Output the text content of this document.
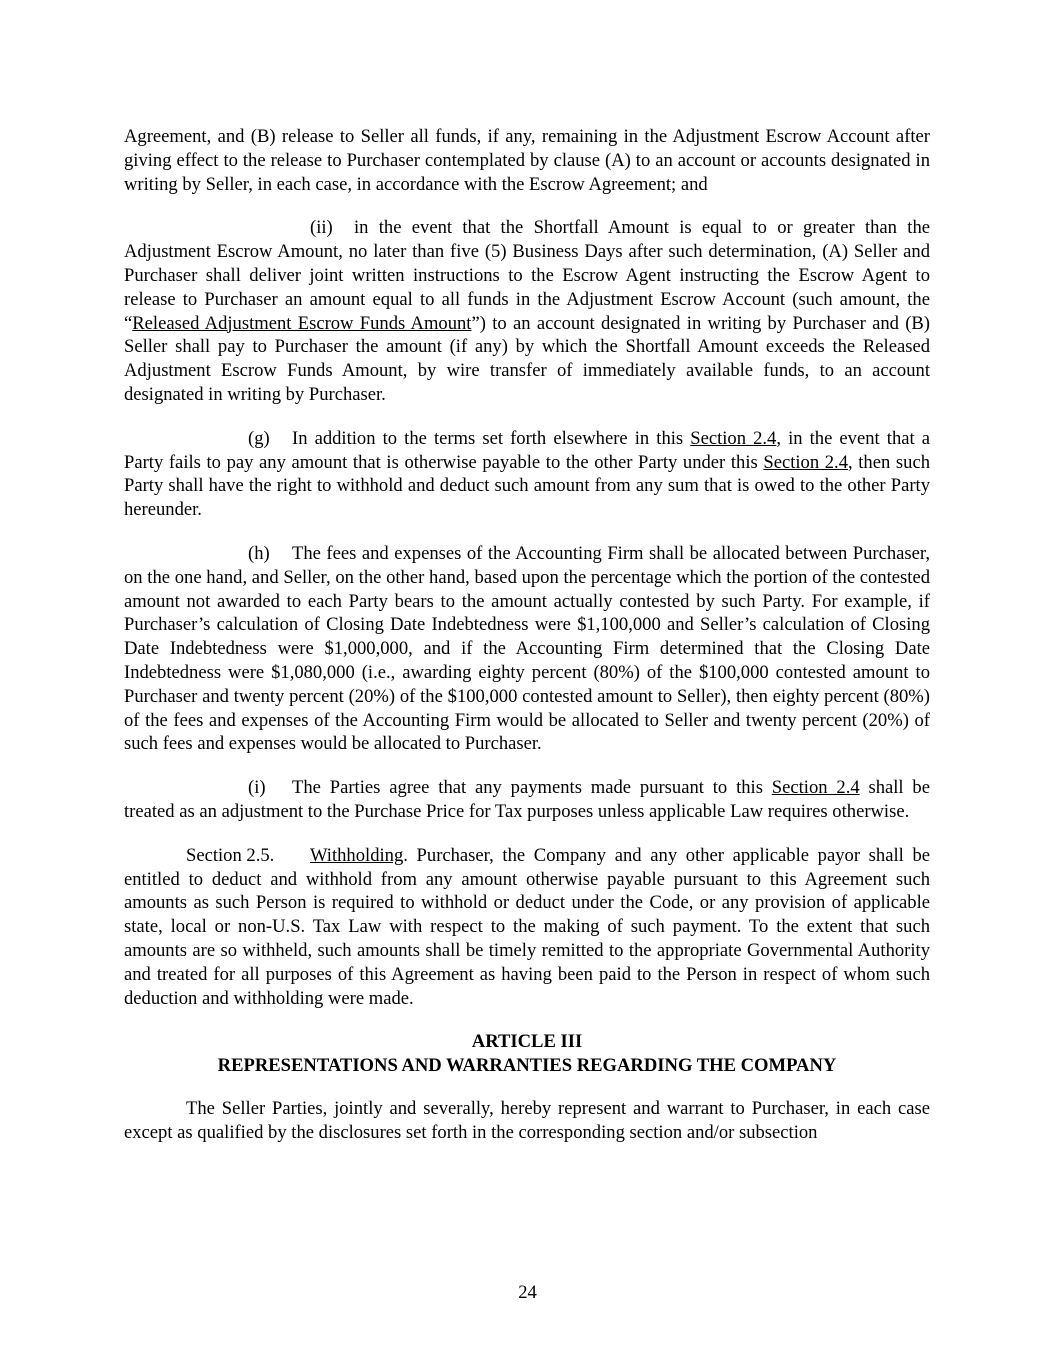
Agreement, and (B) release to Seller all funds, if any, remaining in the Adjustment Escrow Account after giving effect to the release to Purchaser contemplated by clause (A) to an account or accounts designated in writing by Seller, in each case, in accordance with the Escrow Agreement; and

(ii) in the event that the Shortfall Amount is equal to or greater than the Adjustment Escrow Amount, no later than five (5) Business Days after such determination, (A) Seller and Purchaser shall deliver joint written instructions to the Escrow Agent instructing the Escrow Agent to release to Purchaser an amount equal to all funds in the Adjustment Escrow Account (such amount, the “Released Adjustment Escrow Funds Amount”) to an account designated in writing by Purchaser and (B) Seller shall pay to Purchaser the amount (if any) by which the Shortfall Amount exceeds the Released Adjustment Escrow Funds Amount, by wire transfer of immediately available funds, to an account designated in writing by Purchaser.

(g) In addition to the terms set forth elsewhere in this Section 2.4, in the event that a Party fails to pay any amount that is otherwise payable to the other Party under this Section 2.4, then such Party shall have the right to withhold and deduct such amount from any sum that is owed to the other Party hereunder.

(h) The fees and expenses of the Accounting Firm shall be allocated between Purchaser, on the one hand, and Seller, on the other hand, based upon the percentage which the portion of the contested amount not awarded to each Party bears to the amount actually contested by such Party. For example, if Purchaser’s calculation of Closing Date Indebtedness were $1,100,000 and Seller’s calculation of Closing Date Indebtedness were $1,000,000, and if the Accounting Firm determined that the Closing Date Indebtedness were $1,080,000 (i.e., awarding eighty percent (80%) of the $100,000 contested amount to Purchaser and twenty percent (20%) of the $100,000 contested amount to Seller), then eighty percent (80%) of the fees and expenses of the Accounting Firm would be allocated to Seller and twenty percent (20%) of such fees and expenses would be allocated to Purchaser.

(i) The Parties agree that any payments made pursuant to this Section 2.4 shall be treated as an adjustment to the Purchase Price for Tax purposes unless applicable Law requires otherwise.

Section 2.5. Withholding. Purchaser, the Company and any other applicable payor shall be entitled to deduct and withhold from any amount otherwise payable pursuant to this Agreement such amounts as such Person is required to withhold or deduct under the Code, or any provision of applicable state, local or non-U.S. Tax Law with respect to the making of such payment. To the extent that such amounts are so withheld, such amounts shall be timely remitted to the appropriate Governmental Authority and treated for all purposes of this Agreement as having been paid to the Person in respect of whom such deduction and withholding were made.

ARTICLE III
REPRESENTATIONS AND WARRANTIES REGARDING THE COMPANY

The Seller Parties, jointly and severally, hereby represent and warrant to Purchaser, in each case except as qualified by the disclosures set forth in the corresponding section and/or subsection

24
